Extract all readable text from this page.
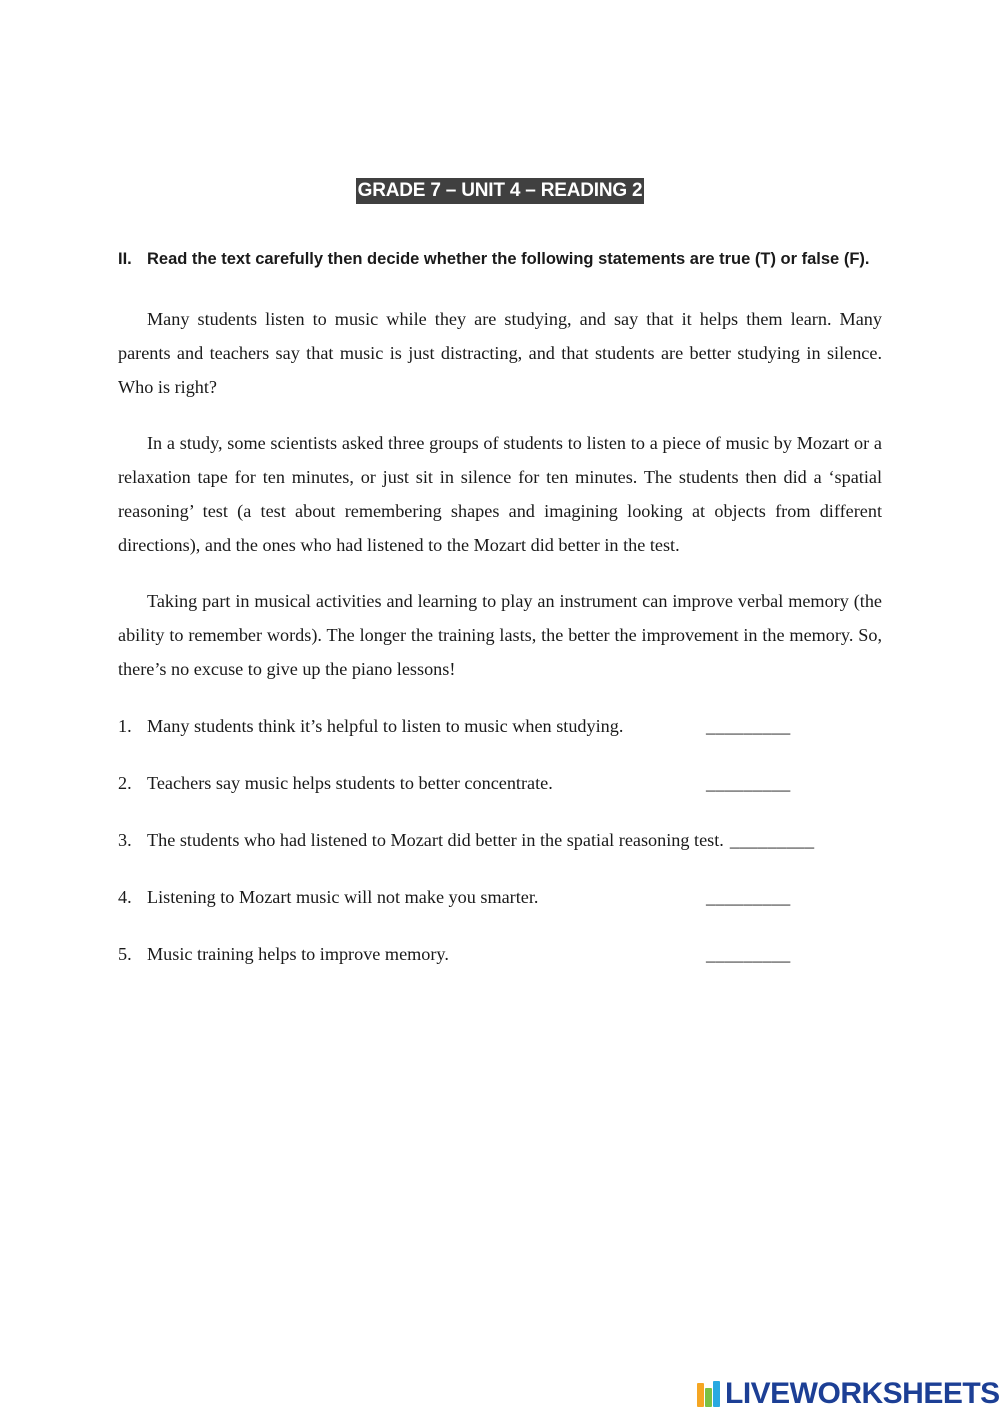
GRADE 7 – UNIT 4 – READING 2
II. Read the text carefully then decide whether the following statements are true (T) or false (F).

Many students listen to music while they are studying, and say that it helps them learn. Many parents and teachers say that music is just distracting, and that students are better studying in silence. Who is right?

In a study, some scientists asked three groups of students to listen to a piece of music by Mozart or a relaxation tape for ten minutes, or just sit in silence for ten minutes. The students then did a ‘spatial reasoning’ test (a test about remembering shapes and imagining looking at objects from different directions), and the ones who had listened to the Mozart did better in the test.

Taking part in musical activities and learning to play an instrument can improve verbal memory (the ability to remember words). The longer the training lasts, the better the improvement in the memory. So, there’s no excuse to give up the piano lessons!

1. Many students think it’s helpful to listen to music when studying.	_________
2. Teachers say music helps students to better concentrate.	_________
3. The students who had listened to Mozart did better in the spatial reasoning test. _________
4. Listening to Mozart music will not make you smarter.	_________
5. Music training helps to improve memory.	_________
LIVEWORKSHEETS
